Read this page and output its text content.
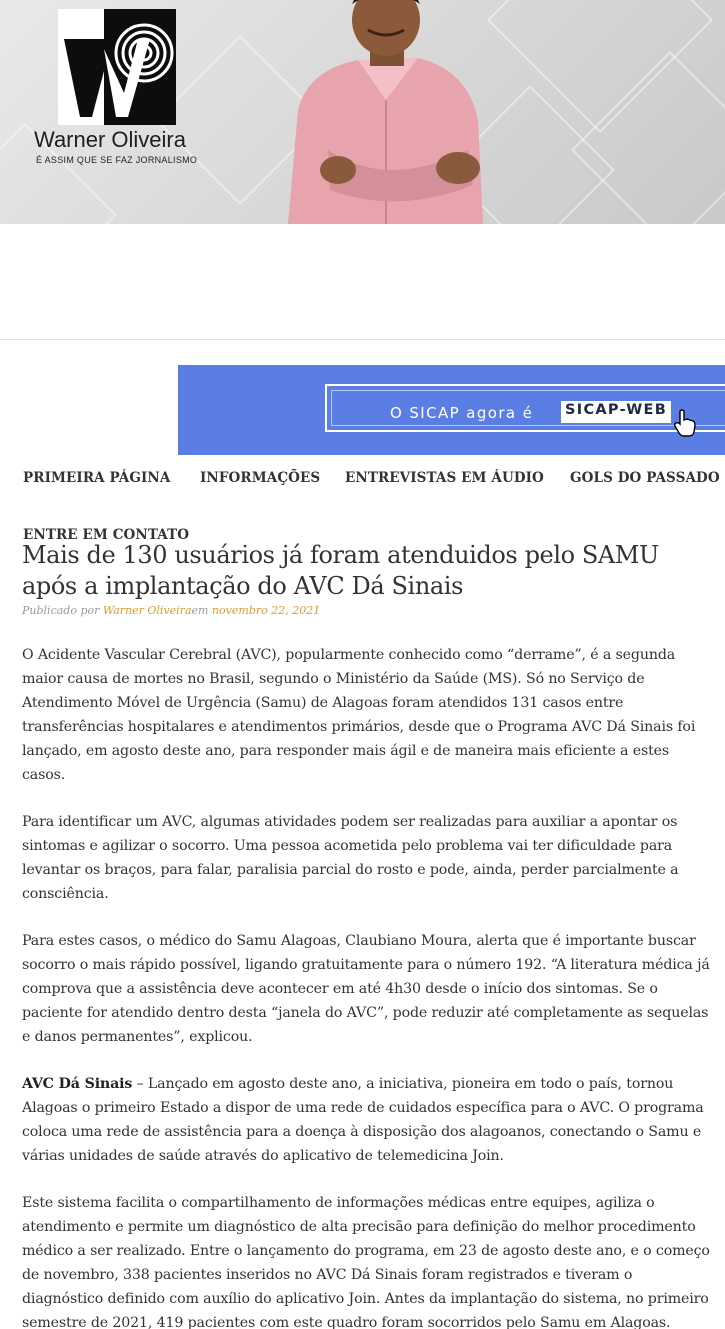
Warner Oliveira
É ASSIM QUE SE FAZ JORNALISMO
PRIMEIRA PÁGINA INFORMAÇÕES ENTREVISTAS EM ÁUDIO GOLS DO PASSADO
ENTRE EM CONTATO
O SICAP agora é SICAP-WEB
Mais de 130 usuários já foram atenduidos pelo SAMU após a implantação do AVC Dá Sinais
Publicado por Warner Oliveiraem novembro 22, 2021

O Acidente Vascular Cerebral (AVC), popularmente conhecido como “derrame”, é a segunda maior causa de mortes no Brasil, segundo o Ministério da Saúde (MS). Só no Serviço de Atendimento Móvel de Urgência (Samu) de Alagoas foram atendidos 131 casos entre transferências hospitalares e atendimentos primários, desde que o Programa AVC Dá Sinais foi lançado, em agosto deste ano, para responder mais ágil e de maneira mais eficiente a estes casos.

Para identificar um AVC, algumas atividades podem ser realizadas para auxiliar a apontar os sintomas e agilizar o socorro. Uma pessoa acometida pelo problema vai ter dificuldade para levantar os braços, para falar, paralisia parcial do rosto e pode, ainda, perder parcialmente a consciência.

Para estes casos, o médico do Samu Alagoas, Claubiano Moura, alerta que é importante buscar socorro o mais rápido possível, ligando gratuitamente para o número 192. “A literatura médica já comprova que a assistência deve acontecer em até 4h30 desde o início dos sintomas. Se o paciente for atendido dentro desta “janela do AVC”, pode reduzir até completamente as sequelas e danos permanentes”, explicou.

AVC Dá Sinais – Lançado em agosto deste ano, a iniciativa, pioneira em todo o país, tornou Alagoas o primeiro Estado a dispor de uma rede de cuidados específica para o AVC. O programa coloca uma rede de assistência para a doença à disposição dos alagoanos, conectando o Samu e várias unidades de saúde através do aplicativo de telemedicina Join.

Este sistema facilita o compartilhamento de informações médicas entre equipes, agiliza o atendimento e permite um diagnóstico de alta precisão para definição do melhor procedimento médico a ser realizado. Entre o lançamento do programa, em 23 de agosto deste ano, e o começo de novembro, 338 pacientes inseridos no AVC Dá Sinais foram registrados e tiveram o diagnóstico definido com auxílio do aplicativo Join. Antes da implantação do sistema, no primeiro semestre de 2021, 419 pacientes com este quadro foram socorridos pelo Samu em Alagoas.
